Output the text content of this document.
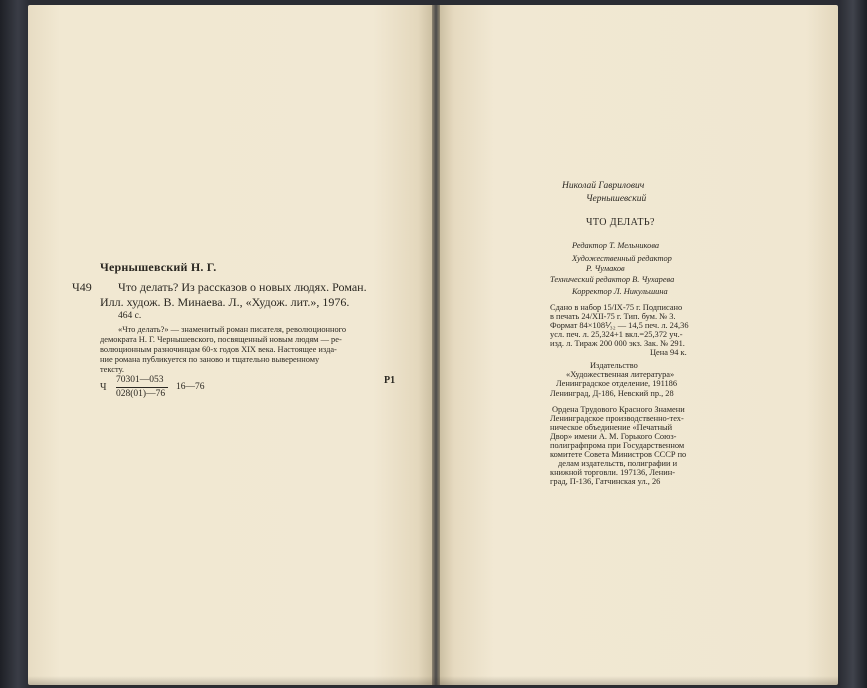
Чернышевский Н. Г.
Ч49 Что делать? Из рассказов о новых людях. Роман.
Илл. худож. В. Минаева. Л., «Худож. лит.», 1976.
464 с.
«Что делать?» — знаменитый роман писателя, революционного
демократа Н. Г. Чернышевского, посвященный новым людям — ре-
волюционным разночинцам 60-х годов XIX века. Настоящее изда-
ние романа публикуется по заново и тщательно выверенному
тексту.
Ч
70301—053
028(01)—76
16—76
Р1
Николай Гаврилович
Чернышевский
ЧТО ДЕЛАТЬ?
Редактор Т. Мельникова
Художественный редактор
Р. Чумаков
Технический редактор В. Чухарева
Корректор Л. Никульшина
Сдано в набор 15/IX-75 г. Подписано
в печать 24/XII-75 г. Тип. бум. № 3.
Формат 84×108⅟₃₂ — 14,5 печ. л. 24,36
усл. печ. л. 25,324+1 вкл.=25,372 уч.-
изд. л. Тираж 200 000 экз. Зак. № 291.
Цена 94 к.
Издательство
«Художественная литература»
Ленинградское отделение, 191186
Ленинград, Д-186, Невский пр., 28
Ордена Трудового Красного Знамени
Ленинградское производственно-тех-
ническое объединение «Печатный
Двор» имени А. М. Горького Союз-
полиграфпрома при Государственном
комитете Совета Министров СССР по
делам издательств, полиграфии и
книжной торговли. 197136, Ленин-
град, П-136, Гатчинская ул., 26
